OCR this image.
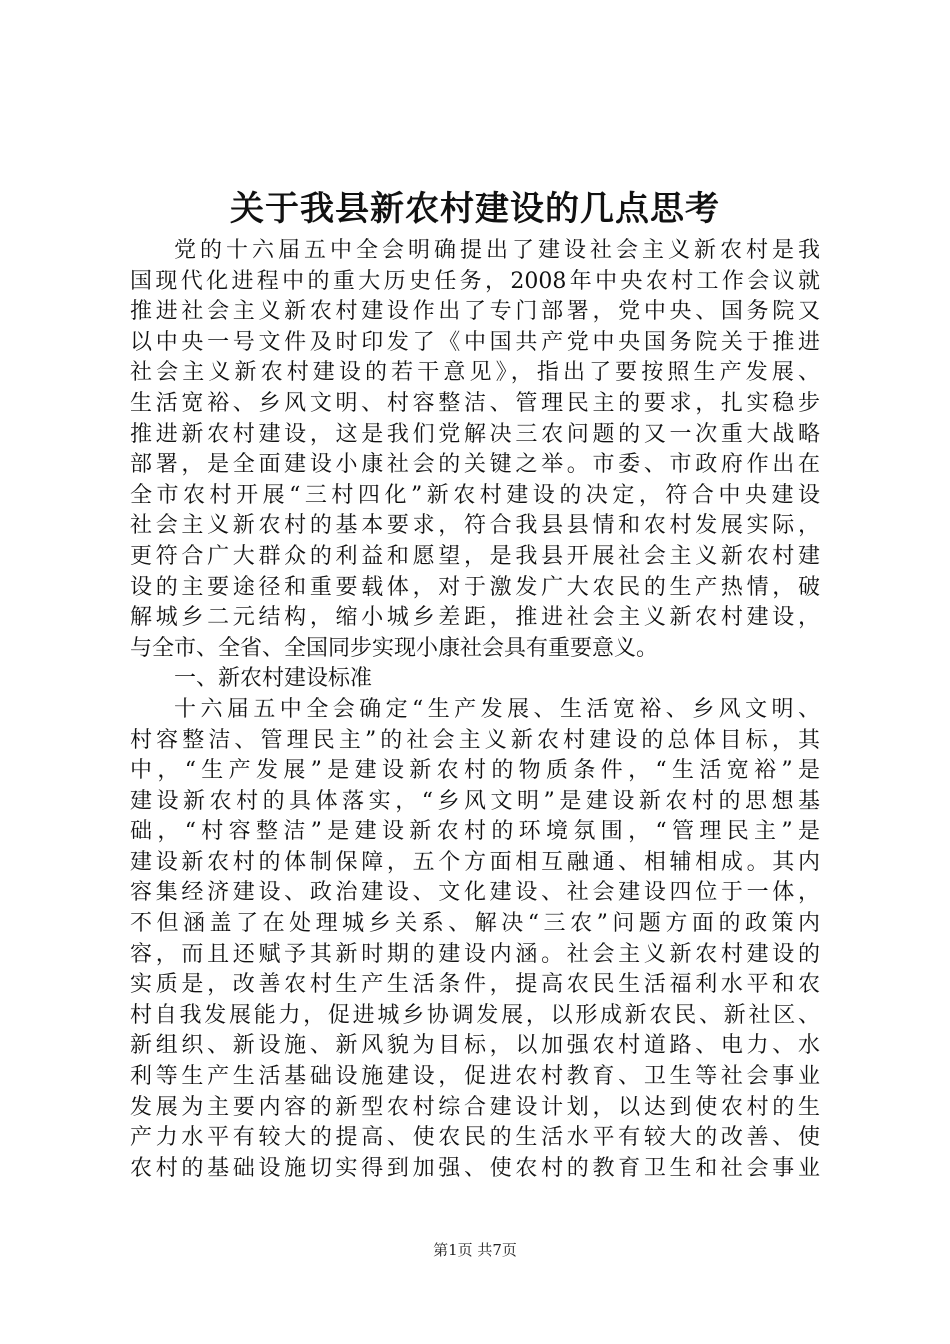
关于我县新农村建设的几点思考
党的十六届五中全会明确提出了建设社会主义新农村是我
国现代化进程中的重大历史任务，2008年中央农村工作会议就
推进社会主义新农村建设作出了专门部署，党中央、国务院又
以中央一号文件及时印发了《中国共产党中央国务院关于推进
社会主义新农村建设的若干意见》，指出了要按照生产发展、
生活宽裕、乡风文明、村容整洁、管理民主的要求，扎实稳步
推进新农村建设，这是我们党解决三农问题的又一次重大战略
部署，是全面建设小康社会的关键之举。市委、市政府作出在
全市农村开展“三村四化”新农村建设的决定，符合中央建设
社会主义新农村的基本要求，符合我县县情和农村发展实际，
更符合广大群众的利益和愿望，是我县开展社会主义新农村建
设的主要途径和重要载体，对于激发广大农民的生产热情，破
解城乡二元结构，缩小城乡差距，推进社会主义新农村建设，
与全市、全省、全国同步实现小康社会具有重要意义。
一、新农村建设标准
十六届五中全会确定“生产发展、生活宽裕、乡风文明、
村容整洁、管理民主”的社会主义新农村建设的总体目标，其
中，“生产发展”是建设新农村的物质条件，“生活宽裕”是
建设新农村的具体落实，“乡风文明”是建设新农村的思想基
础，“村容整洁”是建设新农村的环境氛围，“管理民主”是
建设新农村的体制保障，五个方面相互融通、相辅相成。其内
容集经济建设、政治建设、文化建设、社会建设四位于一体，
不但涵盖了在处理城乡关系、解决“三农”问题方面的政策内
容，而且还赋予其新时期的建设内涵。社会主义新农村建设的
实质是，改善农村生产生活条件，提高农民生活福利水平和农
村自我发展能力，促进城乡协调发展，以形成新农民、新社区、
新组织、新设施、新风貌为目标，以加强农村道路、电力、水
利等生产生活基础设施建设，促进农村教育、卫生等社会事业
发展为主要内容的新型农村综合建设计划，以达到使农村的生
产力水平有较大的提高、使农民的生活水平有较大的改善、使
农村的基础设施切实得到加强、使农村的教育卫生和社会事业
第1页 共7页
